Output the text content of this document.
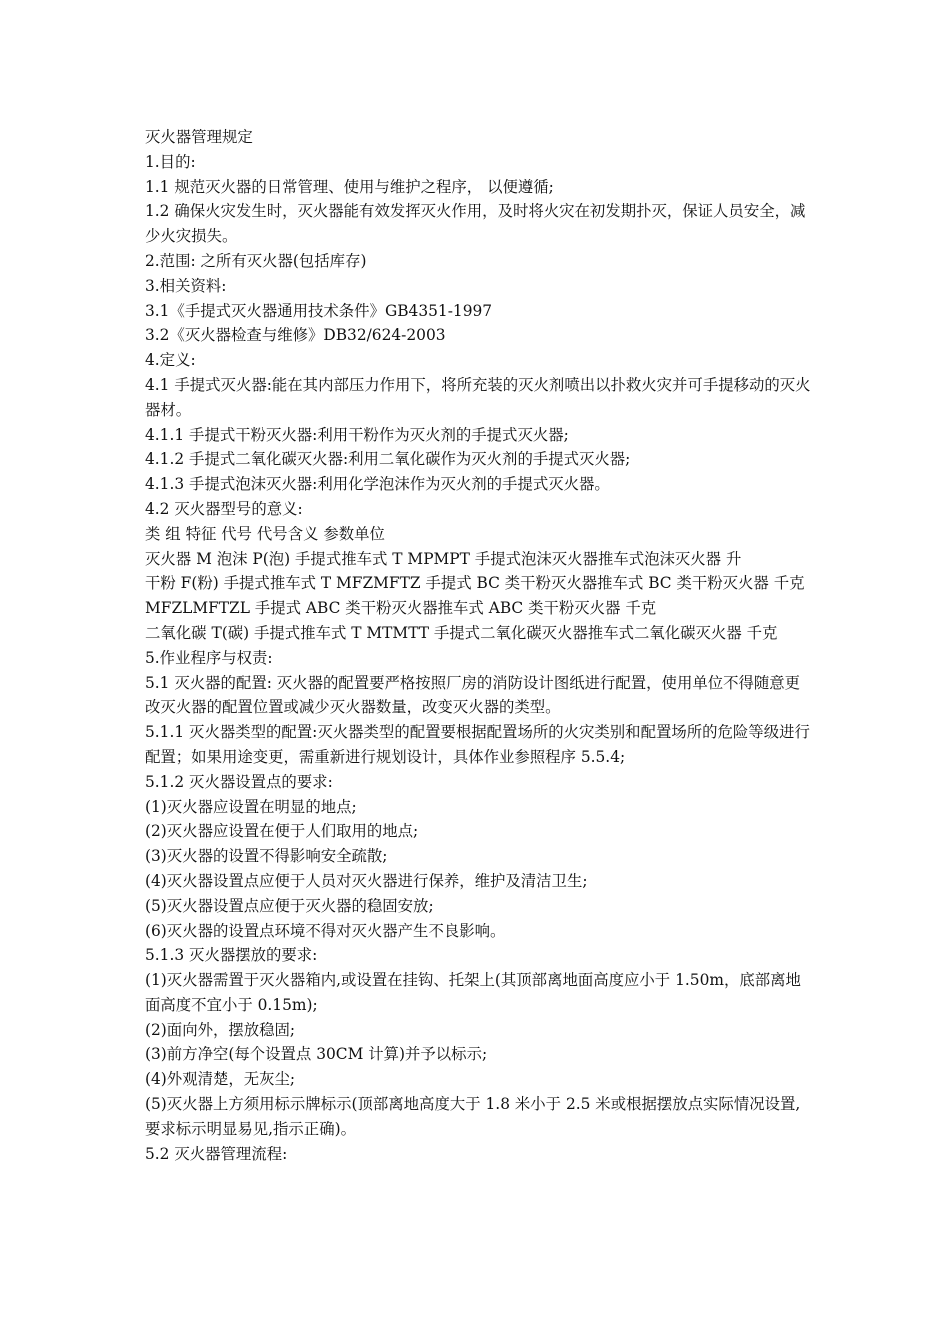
灭火器管理规定

1.目的:

1.1 规范灭火器的日常管理、使用与维护之程序， 以便遵循;

1.2 确保火灾发生时，灭火器能有效发挥灭火作用，及时将火灾在初发期扑灭，保证人员安全，减少火灾损失。

2.范围: 之所有灭火器(包括库存)

3.相关资料:

3.1《手提式灭火器通用技术条件》GB4351-1997

3.2《灭火器检查与维修》DB32/624-2003

4.定义:

4.1 手提式灭火器:能在其内部压力作用下，将所充装的灭火剂喷出以扑救火灾并可手提移动的灭火器材。

4.1.1 手提式干粉灭火器:利用干粉作为灭火剂的手提式灭火器;

4.1.2 手提式二氧化碳灭火器:利用二氧化碳作为灭火剂的手提式灭火器;

4.1.3 手提式泡沫灭火器:利用化学泡沫作为灭火剂的手提式灭火器。

4.2 灭火器型号的意义:

类 组 特征 代号 代号含义 参数单位

灭火器 M 泡沫 P(泡) 手提式推车式 T MPMPT 手提式泡沫灭火器推车式泡沫灭火器 升

干粉 F(粉) 手提式推车式 T MFZMFTZ 手提式 BC 类干粉灭火器推车式 BC 类干粉灭火器 千克

MFZLMFTZL 手提式 ABC 类干粉灭火器推车式 ABC 类干粉灭火器 千克

二氧化碳 T(碳) 手提式推车式 T MTMTT 手提式二氧化碳灭火器推车式二氧化碳灭火器 千克

5.作业程序与权责:

5.1 灭火器的配置: 灭火器的配置要严格按照厂房的消防设计图纸进行配置，使用单位不得随意更改灭火器的配置位置或减少灭火器数量，改变灭火器的类型。

5.1.1 灭火器类型的配置:灭火器类型的配置要根据配置场所的火灾类别和配置场所的危险等级进行配置；如果用途变更，需重新进行规划设计，具体作业参照程序 5.5.4;

5.1.2 灭火器设置点的要求:

(1)灭火器应设置在明显的地点;

(2)灭火器应设置在便于人们取用的地点;

(3)灭火器的设置不得影响安全疏散;

(4)灭火器设置点应便于人员对灭火器进行保养，维护及清洁卫生;

(5)灭火器设置点应便于灭火器的稳固安放;

(6)灭火器的设置点环境不得对灭火器产生不良影响。

5.1.3 灭火器摆放的要求:

(1)灭火器需置于灭火器箱内,或设置在挂钩、托架上(其顶部离地面高度应小于 1.50m，底部离地面高度不宜小于 0.15m);

(2)面向外，摆放稳固;

(3)前方净空(每个设置点 30CM 计算)并予以标示;

(4)外观清楚，无灰尘;

(5)灭火器上方须用标示牌标示(顶部离地高度大于 1.8 米小于 2.5 米或根据摆放点实际情况设置,要求标示明显易见,指示正确)。

5.2 灭火器管理流程:
